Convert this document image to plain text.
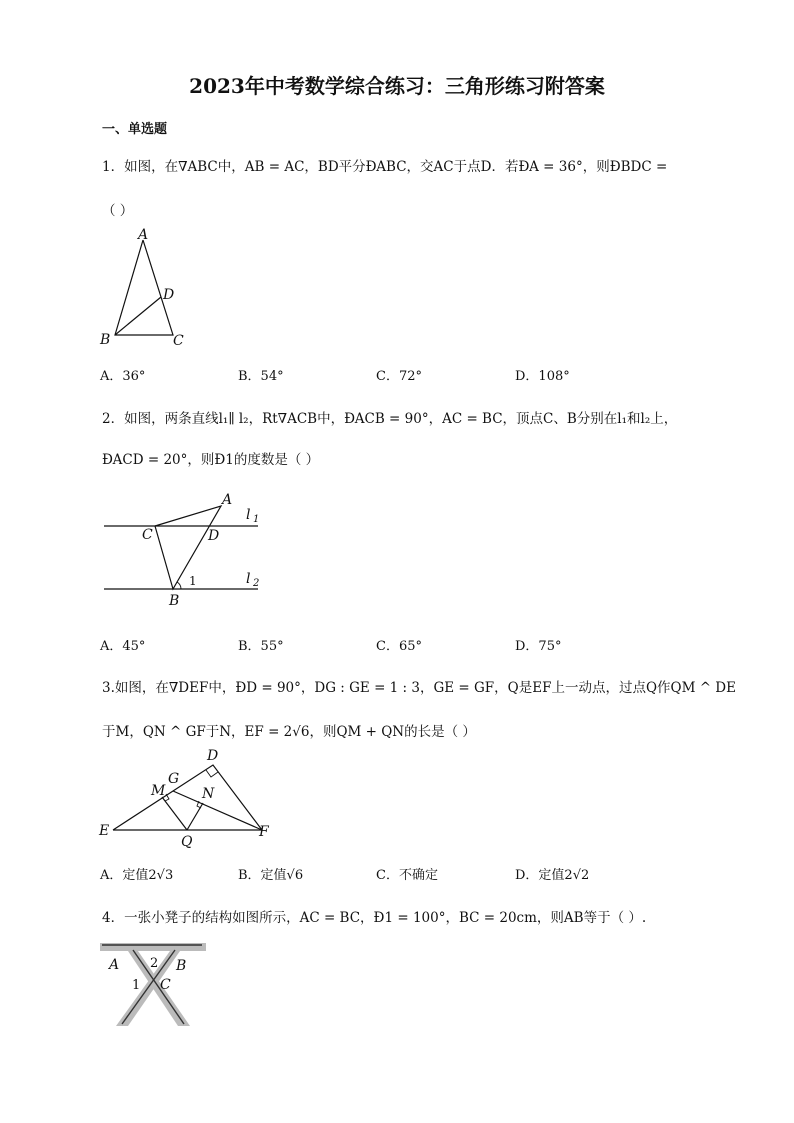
2023年中考数学综合练习：三角形练习附答案
一、单选题
1．如图，在∇ABC中，AB = AC，BD平分ÐABC，交AC于点D．若ÐA = 36°，则ÐBDC =
（ ）
A
D
B	C
A．36°	B．54°	C．72°	D．108°
2．如图，两条直线l₁∥ l₂，Rt∇ACB中，ÐACB = 90°，AC = BC，顶点C、B分别在l₁和l₂上，
ÐACD = 20°，则Ð1的度数是（ ）
A
C	D
B
1
l 1
l 2
A．45°	B．55°	C．65°	D．75°
3.如图，在∇DEF中，ÐD = 90°，DG : GE = 1 : 3，GE = GF，Q是EF上一动点，过点Q作QM ^ DE
于M，QN ^ GF于N，EF = 2√6，则QM + QN的长是（ ）
D
G
M	N
E
Q
F
A．定值2√3	B．定值√6	C．不确定	D．定值2√2
4．一张小凳子的结构如图所示，AC = BC，Ð1 = 100°，BC = 20cm，则AB等于（ ）.
A 2 B
1 C
